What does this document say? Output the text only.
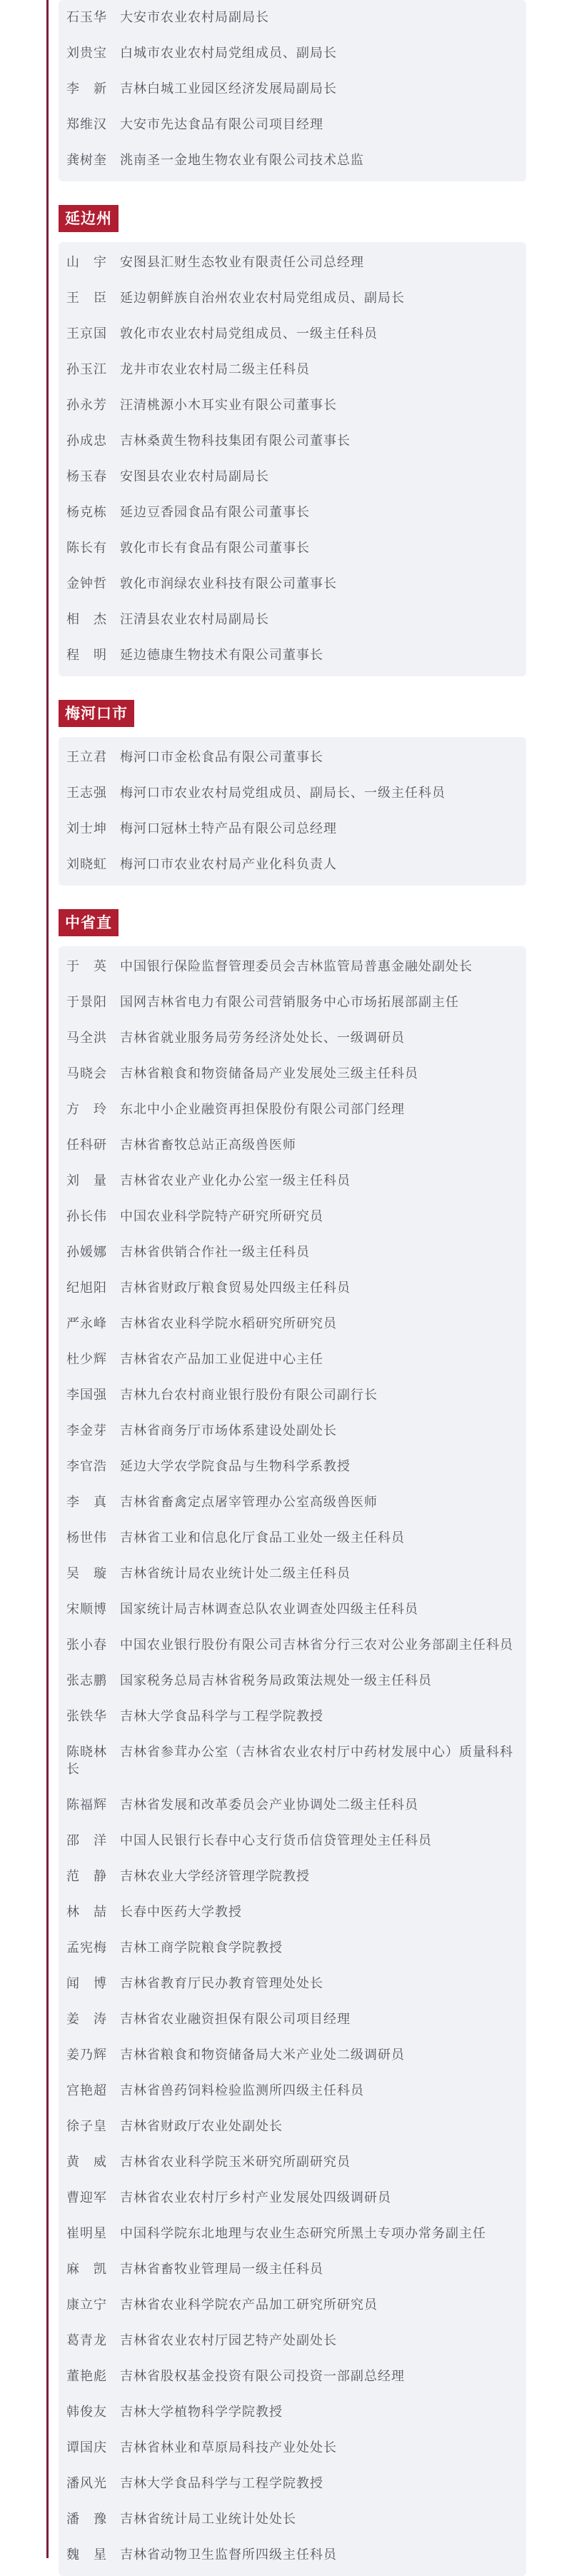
石玉华 大安市农业农村局副局长

刘贵宝 白城市农业农村局党组成员、副局长

李 新 吉林白城工业园区经济发展局副局长

郑维汉 大安市先达食品有限公司项目经理

龚树奎 洮南圣一金地生物农业有限公司技术总监

延边州

山 宇 安图县汇财生态牧业有限责任公司总经理

王 臣 延边朝鲜族自治州农业农村局党组成员、副局长

王京国 敦化市农业农村局党组成员、一级主任科员

孙玉江 龙井市农业农村局二级主任科员

孙永芳 汪清桃源小木耳实业有限公司董事长

孙成忠 吉林桑黄生物科技集团有限公司董事长

杨玉春 安图县农业农村局副局长

杨克栋 延边豆香园食品有限公司董事长

陈长有 敦化市长有食品有限公司董事长

金钟哲 敦化市润绿农业科技有限公司董事长

相 杰 汪清县农业农村局副局长

程 明 延边德康生物技术有限公司董事长

梅河口市

王立君 梅河口市金松食品有限公司董事长

王志强 梅河口市农业农村局党组成员、副局长、一级主任科员

刘士坤 梅河口冠林土特产品有限公司总经理

刘晓虹 梅河口市农业农村局产业化科负责人

中省直

于 英 中国银行保险监督管理委员会吉林监管局普惠金融处副处长

于景阳 国网吉林省电力有限公司营销服务中心市场拓展部副主任

马全洪 吉林省就业服务局劳务经济处处长、一级调研员

马晓会 吉林省粮食和物资储备局产业发展处三级主任科员

方 玲 东北中小企业融资再担保股份有限公司部门经理

任科研 吉林省畜牧总站正高级兽医师

刘 量 吉林省农业产业化办公室一级主任科员

孙长伟 中国农业科学院特产研究所研究员

孙媛娜 吉林省供销合作社一级主任科员

纪旭阳 吉林省财政厅粮食贸易处四级主任科员

严永峰 吉林省农业科学院水稻研究所研究员

杜少辉 吉林省农产品加工业促进中心主任

李国强 吉林九台农村商业银行股份有限公司副行长

李金芽 吉林省商务厅市场体系建设处副处长

李官浩 延边大学农学院食品与生物科学系教授

李 真 吉林省畜禽定点屠宰管理办公室高级兽医师

杨世伟 吉林省工业和信息化厅食品工业处一级主任科员

吴 璇 吉林省统计局农业统计处二级主任科员

宋顺博 国家统计局吉林调查总队农业调查处四级主任科员

张小春 中国农业银行股份有限公司吉林省分行三农对公业务部副主任科员

张志鹏 国家税务总局吉林省税务局政策法规处一级主任科员

张铁华 吉林大学食品科学与工程学院教授

陈晓林 吉林省参茸办公室（吉林省农业农村厅中药材发展中心）质量科科长

陈福辉 吉林省发展和改革委员会产业协调处二级主任科员

邵 洋 中国人民银行长春中心支行货币信贷管理处主任科员

范 静 吉林农业大学经济管理学院教授

林 喆 长春中医药大学教授

孟宪梅 吉林工商学院粮食学院教授

闻 博 吉林省教育厅民办教育管理处处长

姜 涛 吉林省农业融资担保有限公司项目经理

姜乃辉 吉林省粮食和物资储备局大米产业处二级调研员

宫艳超 吉林省兽药饲料检验监测所四级主任科员

徐子皇 吉林省财政厅农业处副处长

黄 威 吉林省农业科学院玉米研究所副研究员

曹迎军 吉林省农业农村厅乡村产业发展处四级调研员

崔明星 中国科学院东北地理与农业生态研究所黑土专项办常务副主任

麻 凯 吉林省畜牧业管理局一级主任科员

康立宁 吉林省农业科学院农产品加工研究所研究员

葛青龙 吉林省农业农村厅园艺特产处副处长

董艳彪 吉林省股权基金投资有限公司投资一部副总经理

韩俊友 吉林大学植物科学学院教授

谭国庆 吉林省林业和草原局科技产业处处长

潘风光 吉林大学食品科学与工程学院教授

潘 豫 吉林省统计局工业统计处处长

魏 星 吉林省动物卫生监督所四级主任科员
